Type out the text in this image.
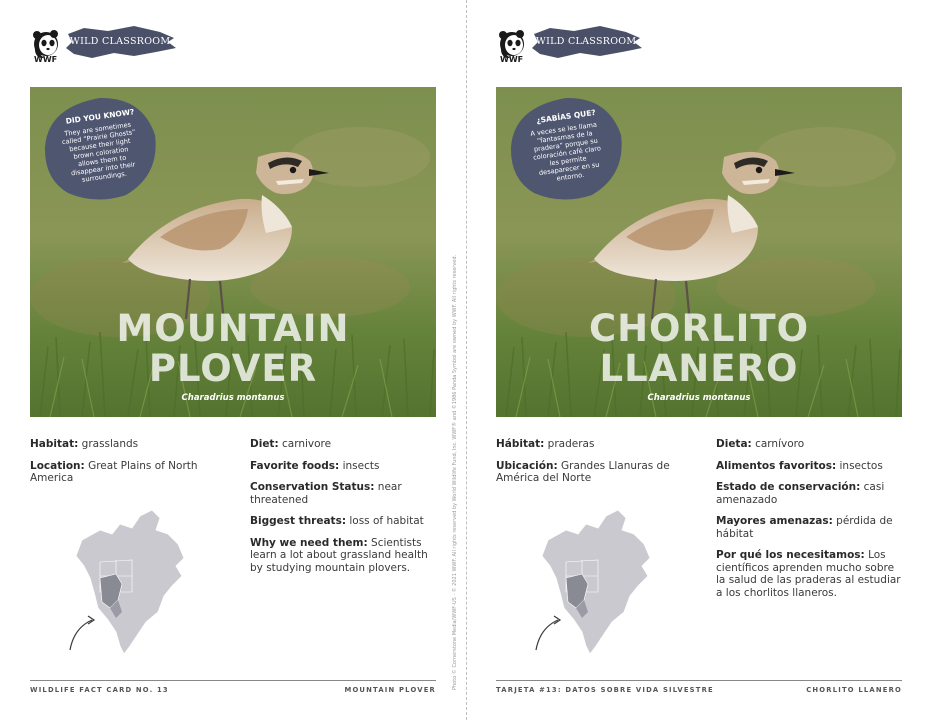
Photo © Cornerstone Media/WWF-US · © 2021 WWF. All rights reserved by World Wildlife Fund, Inc. WWF® and ©1986 Panda Symbol are owned by WWF. All rights reserved.
WWF
WILD CLASSROOM
DID YOU KNOW?
They are sometimes called “Prairie Ghosts” because their light brown coloration allows them to disappear into their surroundings.
MOUNTAIN
PLOVER
Charadrius montanus
Habitat: grasslands
Location: Great Plains of North America
Diet: carnivore
Favorite foods: insects
Conservation Status: near threatened
Biggest threats: loss of habitat
Why we need them: Scientists learn a lot about grassland health by studying mountain plovers.
WILDLIFE FACT CARD NO. 13	MOUNTAIN PLOVER
WWF
WILD CLASSROOM
¿SABÍAS QUE?
A veces se les llama “fantasmas de la pradera” porque su coloración café claro les permite desaparecer en su entorno.
CHORLITO
LLANERO
Charadrius montanus
Hábitat: praderas
Ubicación: Grandes Llanuras de América del Norte
Dieta: carnívoro
Alimentos favoritos: insectos
Estado de conservación: casi amenazado
Mayores amenazas: pérdida de hábitat
Por qué los necesitamos: Los científicos aprenden mucho sobre la salud de las praderas al estudiar a los chorlitos llaneros.
TARJETA #13: DATOS SOBRE VIDA SILVESTRE	CHORLITO LLANERO
